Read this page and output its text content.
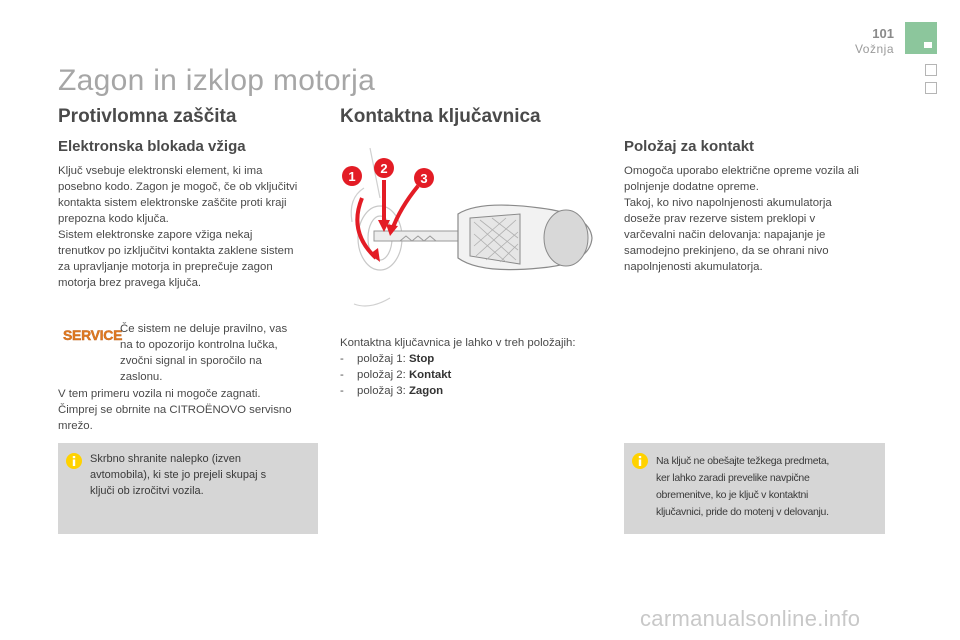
101
Vožnja
Zagon in izklop motorja
Protivlomna zaščita
Elektronska blokada vžiga
Ključ vsebuje elektronski element, ki ima
posebno kodo. Zagon je mogoč, če ob vključitvi
kontakta sistem elektronske zaščite proti kraji
prepozna kodo ključa.
Sistem elektronske zapore vžiga nekaj
trenutkov po izključitvi kontakta zaklene sistem
za upravljanje motorja in preprečuje zagon
motorja brez pravega ključa.
SERVICE
Če sistem ne deluje pravilno, vas
na to opozorijo kontrolna lučka,
zvočni signal in sporočilo na
zaslonu.
V tem primeru vozila ni mogoče zagnati.
Čimprej se obrnite na CITROËNOVO servisno
mrežo.
Skrbno shranite nalepko (izven
avtomobila), ki ste jo prejeli skupaj s
ključi ob izročitvi vozila.
Kontaktna ključavnica
1
2
3
Kontaktna ključavnica je lahko v treh položajih:
- položaj 1: Stop
- položaj 2: Kontakt
- položaj 3: Zagon
Položaj za kontakt
Omogoča uporabo električne opreme vozila ali
polnjenje dodatne opreme.
Takoj, ko nivo napolnjenosti akumulatorja
doseže prav rezerve sistem preklopi v
varčevalni način delovanja: napajanje je
samodejno prekinjeno, da se ohrani nivo
napolnjenosti akumulatorja.
Na ključ ne obešajte težkega predmeta,
ker lahko zaradi prevelike navpične
obremenitve, ko je ključ v kontaktni
ključavnici, pride do motenj v delovanju.
carmanualsonline.info
